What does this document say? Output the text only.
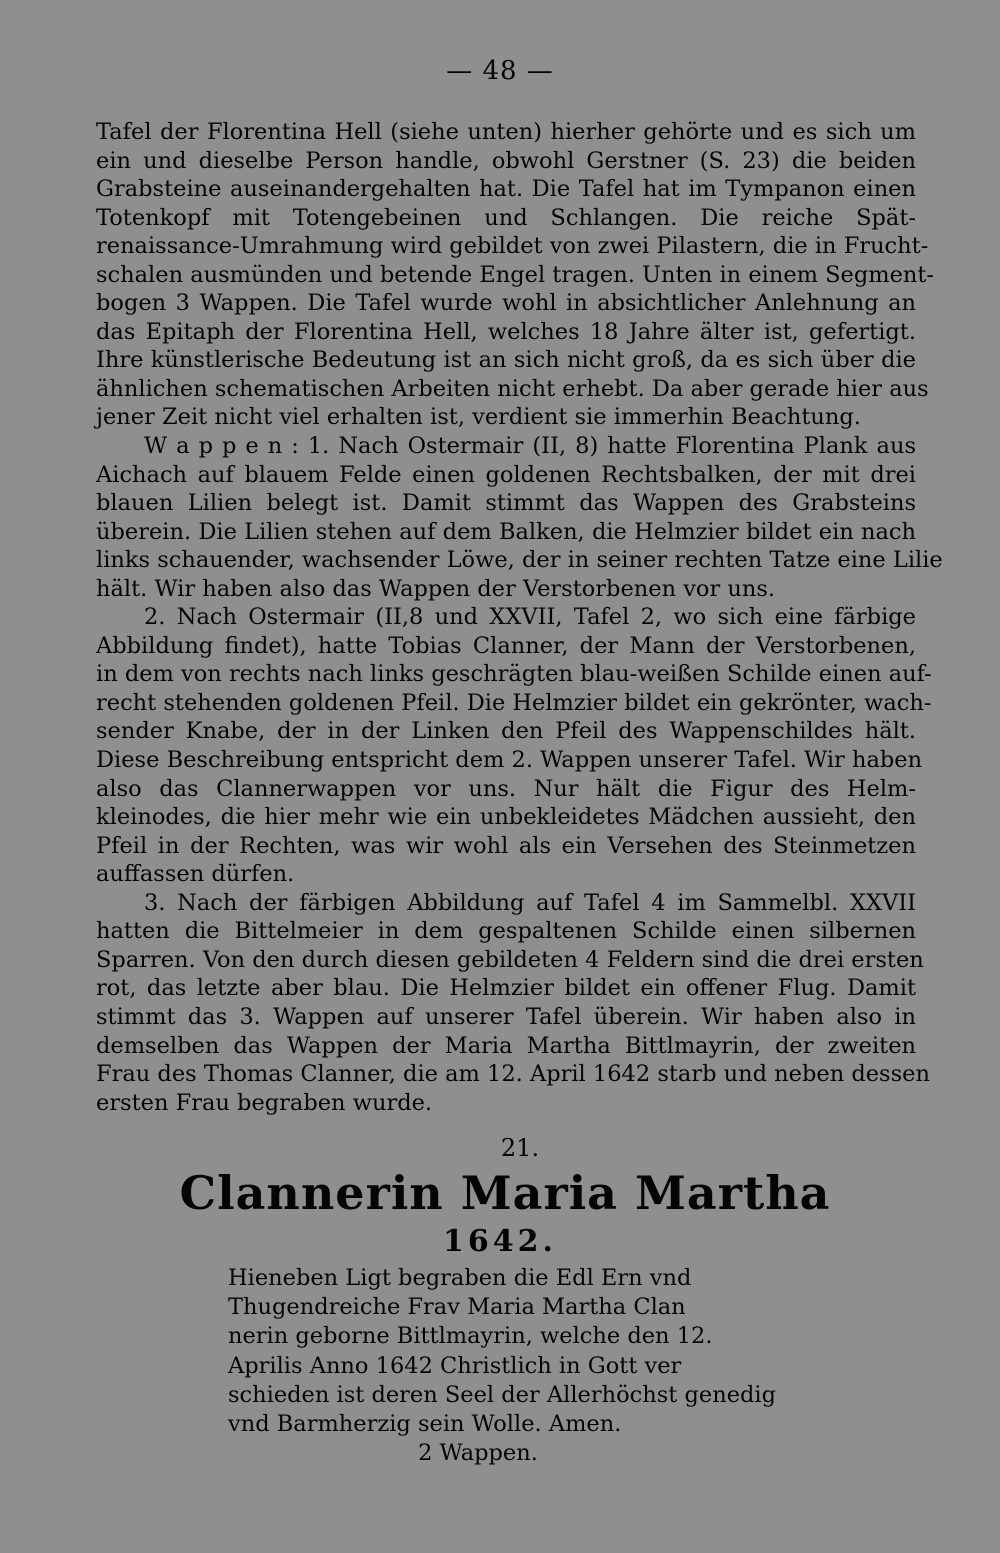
— 48 —
Tafel der Florentina Hell (siehe unten) hierher gehörte und es sich um
ein und dieselbe Person handle, obwohl Gerstner (S. 23) die beiden
Grabsteine auseinandergehalten hat. Die Tafel hat im Tympanon einen
Totenkopf mit Totengebeinen und Schlangen. Die reiche Spät-
renaissance-Umrahmung wird gebildet von zwei Pilastern, die in Frucht-
schalen ausmünden und betende Engel tragen. Unten in einem Segment-
bogen 3 Wappen. Die Tafel wurde wohl in absichtlicher Anlehnung an
das Epitaph der Florentina Hell, welches 18 Jahre älter ist, gefertigt.
Ihre künstlerische Bedeutung ist an sich nicht groß, da es sich über die
ähnlichen schematischen Arbeiten nicht erhebt. Da aber gerade hier aus
jener Zeit nicht viel erhalten ist, verdient sie immerhin Beachtung.
W a p p e n : 1. Nach Ostermair (II, 8) hatte Florentina Plank aus
Aichach auf blauem Felde einen goldenen Rechtsbalken, der mit drei
blauen Lilien belegt ist. Damit stimmt das Wappen des Grabsteins
überein. Die Lilien stehen auf dem Balken, die Helmzier bildet ein nach
links schauender, wachsender Löwe, der in seiner rechten Tatze eine Lilie
hält. Wir haben also das Wappen der Verstorbenen vor uns.
2. Nach Ostermair (II,8 und XXVII, Tafel 2, wo sich eine färbige
Abbildung findet), hatte Tobias Clanner, der Mann der Verstorbenen,
in dem von rechts nach links geschrägten blau-weißen Schilde einen auf-
recht stehenden goldenen Pfeil. Die Helmzier bildet ein gekrönter, wach-
sender Knabe, der in der Linken den Pfeil des Wappenschildes hält.
Diese Beschreibung entspricht dem 2. Wappen unserer Tafel. Wir haben
also das Clannerwappen vor uns. Nur hält die Figur des Helm-
kleinodes, die hier mehr wie ein unbekleidetes Mädchen aussieht, den
Pfeil in der Rechten, was wir wohl als ein Versehen des Steinmetzen
auffassen dürfen.
3. Nach der färbigen Abbildung auf Tafel 4 im Sammelbl. XXVII
hatten die Bittelmeier in dem gespaltenen Schilde einen silbernen
Sparren. Von den durch diesen gebildeten 4 Feldern sind die drei ersten
rot, das letzte aber blau. Die Helmzier bildet ein offener Flug. Damit
stimmt das 3. Wappen auf unserer Tafel überein. Wir haben also in
demselben das Wappen der Maria Martha Bittlmayrin, der zweiten
Frau des Thomas Clanner, die am 12. April 1642 starb und neben dessen
ersten Frau begraben wurde.
21.
Clannerin Maria Martha
1642.
Hieneben Ligt begraben die Edl Ern vnd
Thugendreiche Frav Maria Martha Clan
nerin geborne Bittlmayrin, welche den 12.
Aprilis Anno 1642 Christlich in Gott ver
schieden ist deren Seel der Allerhöchst genedig
vnd Barmherzig sein Wolle. Amen.
2 Wappen.
